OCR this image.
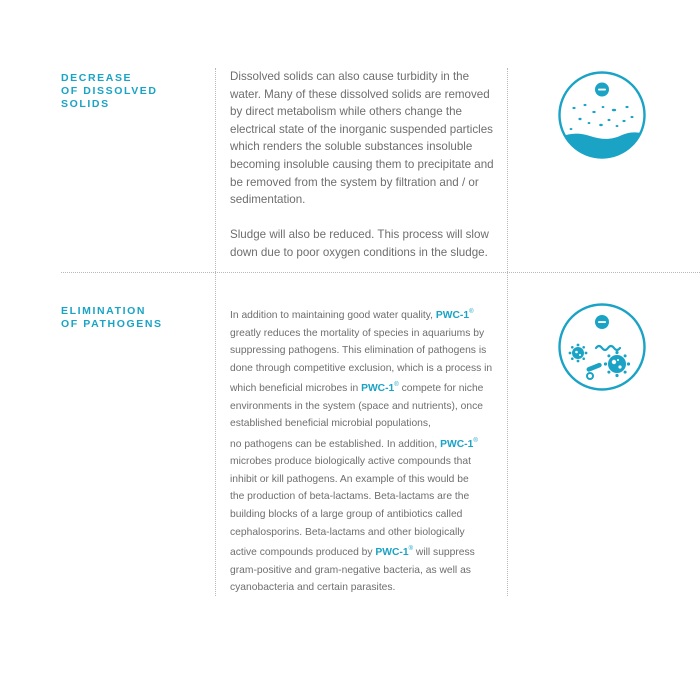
DECREASE
OF DISSOLVED
SOLIDS

Dissolved solids can also cause turbidity in the water. Many of these dissolved solids are removed by direct metabolism while others change the electrical state of the inorganic suspended particles which renders the soluble substances insoluble becoming insoluble causing them to precipitate and be removed from the system by filtration and / or sedimentation.

Sludge will also be reduced. This process will slow down due to poor oxygen conditions in the sludge.

ELIMINATION
OF PATHOGENS

In addition to maintaining good water quality, PWC-1®
greatly reduces the mortality of species in aquariums by
suppressing pathogens. This elimination of pathogens is
done through competitive exclusion, which is a process in
which beneficial microbes in PWC-1® compete for niche
environments in the system (space and nutrients), once
established beneficial microbial populations,
no pathogens can be established. In addition, PWC-1®
microbes produce biologically active compounds that
inhibit or kill pathogens. An example of this would be
the production of beta-lactams. Beta-lactams are the
building blocks of a large group of antibiotics called
cephalosporins. Beta-lactams and other biologically
active compounds produced by PWC-1® will suppress
gram-positive and gram-negative bacteria, as well as
cyanobacteria and certain parasites.
